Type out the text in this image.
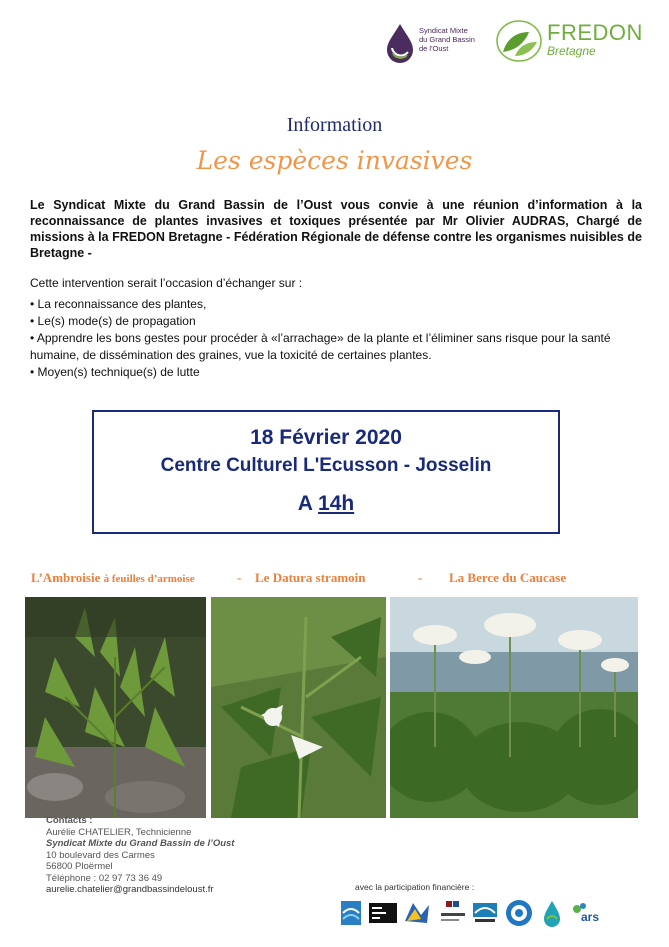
Syndicat Mixte
du Grand Bassin
de l'Oust
FREDON
Bretagne
Information
Les espèces invasives
Le Syndicat Mixte du Grand Bassin de l’Oust vous convie à une réunion d’information à la reconnaissance de plantes invasives et toxiques présentée par Mr Olivier AUDRAS, Chargé de missions à la FREDON Bretagne - Fédération Régionale de défense contre les organismes nuisibles de Bretagne -
Cette intervention serait l’occasion d’échanger sur :
• La reconnaissance des plantes,
• Le(s) mode(s) de propagation
• Apprendre les bons gestes pour procéder à «l’arrachage» de la plante et l’éliminer sans risque pour la santé humaine, de dissémination des graines, vue la toxicité de certaines plantes.
• Moyen(s) technique(s) de lutte
18 Février 2020
Centre Culturel L'Ecusson - Josselin
A 14h
L’Ambroisie à feuilles d’armoise	- Le Datura stramoin	- La Berce du Caucase
Contacts :
Aurélie CHATELIER, Technicienne
Syndicat Mixte du Grand Bassin de l’Oust
10 boulevard des Carmes
56800 Ploërmel
Téléphone : 02 97 73 36 49
aurelie.chatelier@grandbassindeloust.fr	avec la participation financière :
ars
